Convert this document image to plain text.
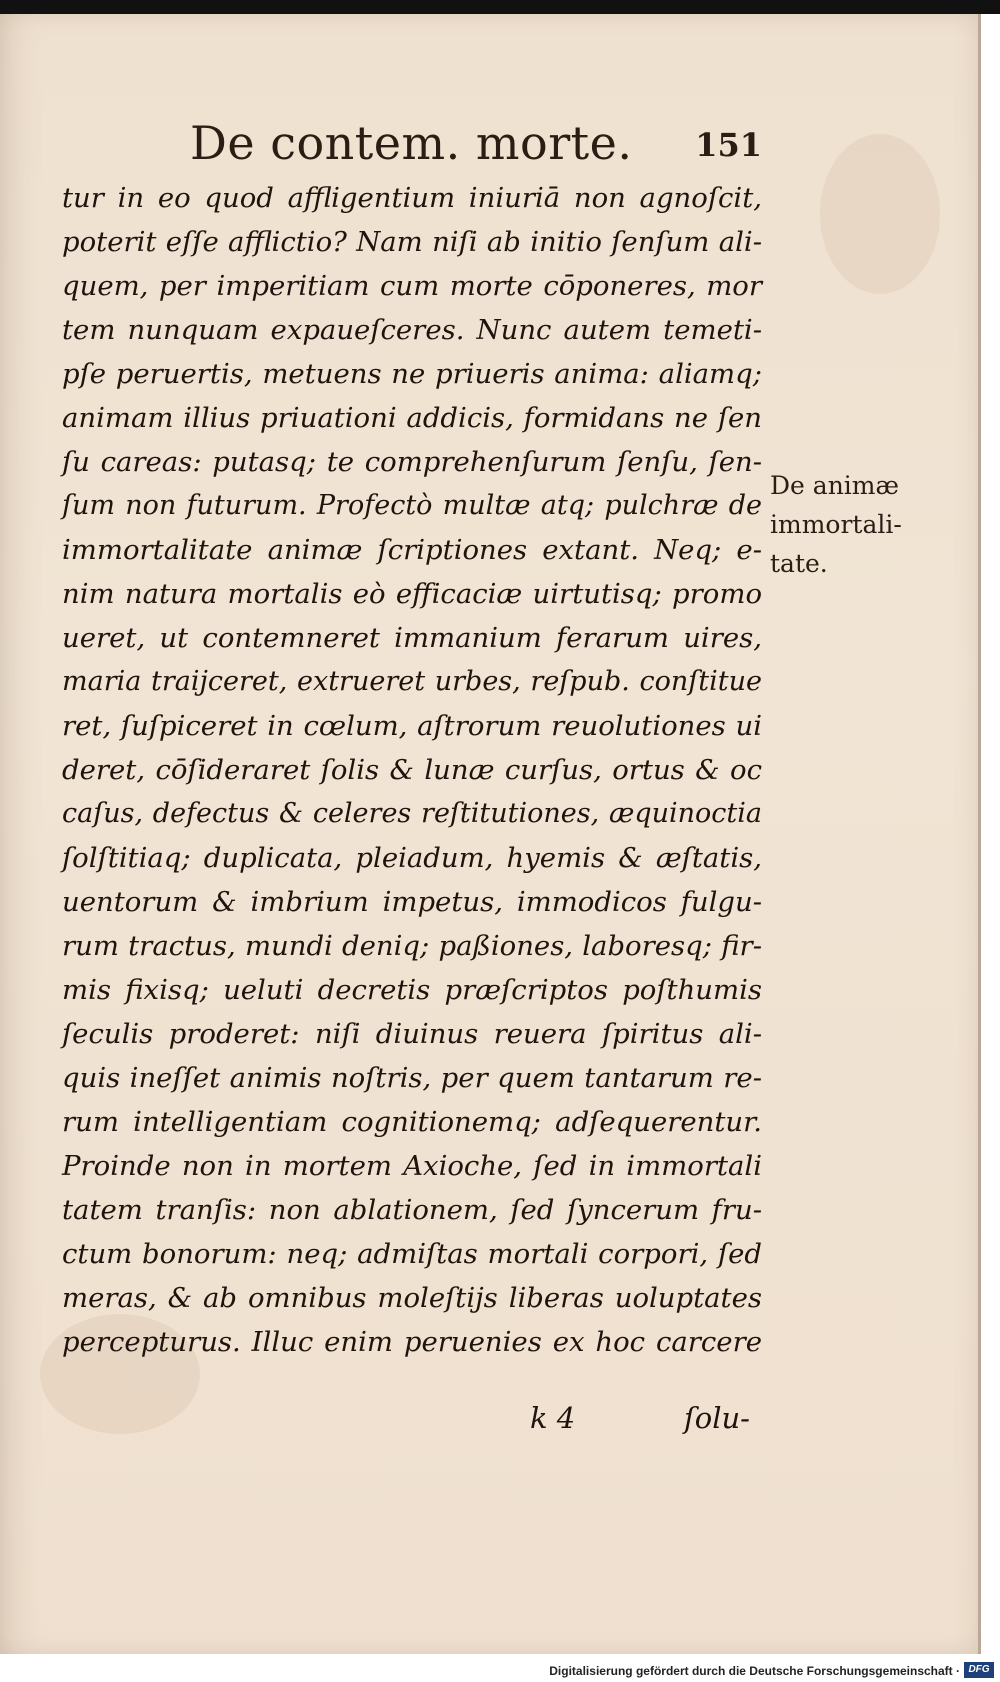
De contem. morte. 151
tur in eo quod affligentium iniuriā non agnoſcit,
poterit eſſe afflictio? Nam niſi ab initio ſenſum ali-
quem, per imperitiam cum morte cōponeres, mor
tem nunquam expaueſceres. Nunc autem temeti-
pſe peruertis, metuens ne priueris anima: aliamq;
animam illius priuationi addicis, formidans ne ſen
ſu careas: putasq; te comprehenſurum ſenſu, ſen-
ſum non futurum. Profectò multæ atq; pulchræ de
immortalitate animæ ſcriptiones extant. Neq; e-
nim natura mortalis eò efficaciæ uirtutisq; promo
ueret, ut contemneret immanium ferarum uires,
maria traijceret, extrueret urbes, reſpub. conſtitue
ret, ſuſpiceret in cœlum, aſtrorum reuolutiones ui
deret, cōſideraret ſolis & lunæ curſus, ortus & oc
caſus, defectus & celeres reſtitutiones, æquinoctia
ſolſtitiaq; duplicata, pleiadum, hyemis & æſtatis,
uentorum & imbrium impetus, immodicos fulgu-
rum tractus, mundi deniq; paßiones, laboresq; fir-
mis fixisq; ueluti decretis præſcriptos poſthumis
ſeculis proderet: niſi diuinus reuera ſpiritus ali-
quis ineſſet animis noſtris, per quem tantarum re-
rum intelligentiam cognitionemq; adſequerentur.
Proinde non in mortem Axioche, ſed in immortali
tatem tranſis: non ablationem, ſed ſyncerum fru-
ctum bonorum: neq; admiſtas mortali corpori, ſed
meras, & ab omnibus moleſtijs liberas uoluptates
percepturus. Illuc enim peruenies ex hoc carcere
De animæ
immortali-
tate.
k 4	ſolu-
Digitalisierung gefördert durch die Deutsche Forschungsgemeinschaft · DFG
